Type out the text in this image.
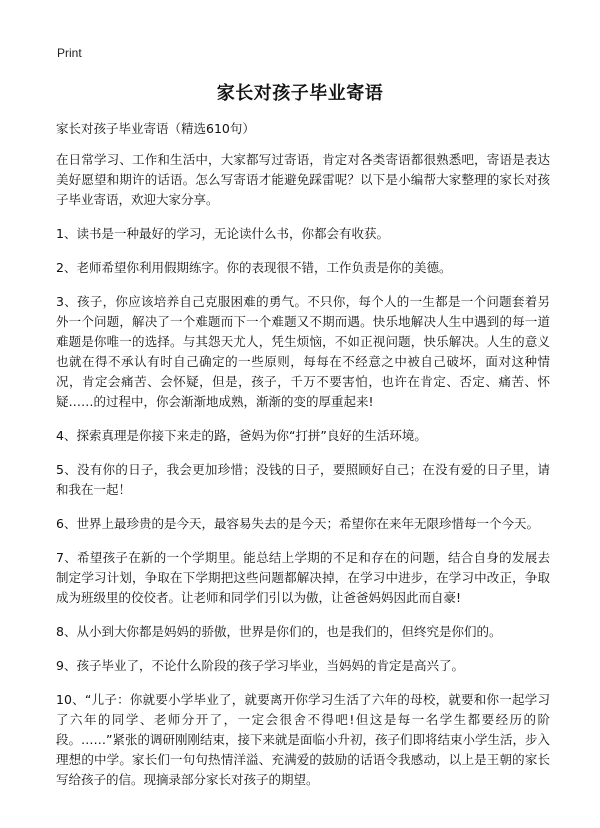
Print
家长对孩子毕业寄语

家长对孩子毕业寄语（精选610句）

在日常学习、工作和生活中，大家都写过寄语，肯定对各类寄语都很熟悉吧，寄语是表达美好愿望和期许的话语。怎么写寄语才能避免踩雷呢？以下是小编帮大家整理的家长对孩子毕业寄语，欢迎大家分享。

1、读书是一种最好的学习，无论读什么书，你都会有收获。

2、老师希望你利用假期练字。你的表现很不错，工作负责是你的美德。

3、孩子，你应该培养自己克服困难的勇气。不只你，每个人的一生都是一个问题套着另外一个问题，解决了一个难题而下一个难题又不期而遇。快乐地解决人生中遇到的每一道难题是你唯一的选择。与其怨天尤人，凭生烦恼，不如正视问题，快乐解决。人生的意义也就在得不承认有时自己确定的一些原则，每每在不经意之中被自己破坏，面对这种情况，肯定会痛苦、会怀疑，但是，孩子，千万不要害怕，也许在肯定、否定、痛苦、怀疑……的过程中，你会渐渐地成熟，渐渐的变的厚重起来!

4、探索真理是你接下来走的路，爸妈为你“打拼”良好的生活环境。

5、没有你的日子，我会更加珍惜；没钱的日子，要照顾好自己；在没有爱的日子里，请和我在一起！

6、世界上最珍贵的是今天，最容易失去的是今天；希望你在来年无限珍惜每一个今天。

7、希望孩子在新的一个学期里。能总结上学期的不足和存在的问题，结合自身的发展去制定学习计划，争取在下学期把这些问题都解决掉，在学习中进步，在学习中改正，争取成为班级里的佼佼者。让老师和同学们引以为傲，让爸爸妈妈因此而自豪!

8、从小到大你都是妈妈的骄傲，世界是你们的，也是我们的，但终究是你们的。

9、孩子毕业了，不论什么阶段的孩子学习毕业，当妈妈的肯定是高兴了。

10、“儿子：你就要小学毕业了，就要离开你学习生活了六年的母校，就要和你一起学习了六年的同学、老师分开了，一定会很舍不得吧!但这是每一名学生都要经历的阶段。……”紧张的调研刚刚结束，接下来就是面临小升初，孩子们即将结束小学生活，步入理想的中学。家长们一句句热情洋溢、充满爱的鼓励的话语令我感动，以上是王朝的家长写给孩子的信。现摘录部分家长对孩子的期望。
